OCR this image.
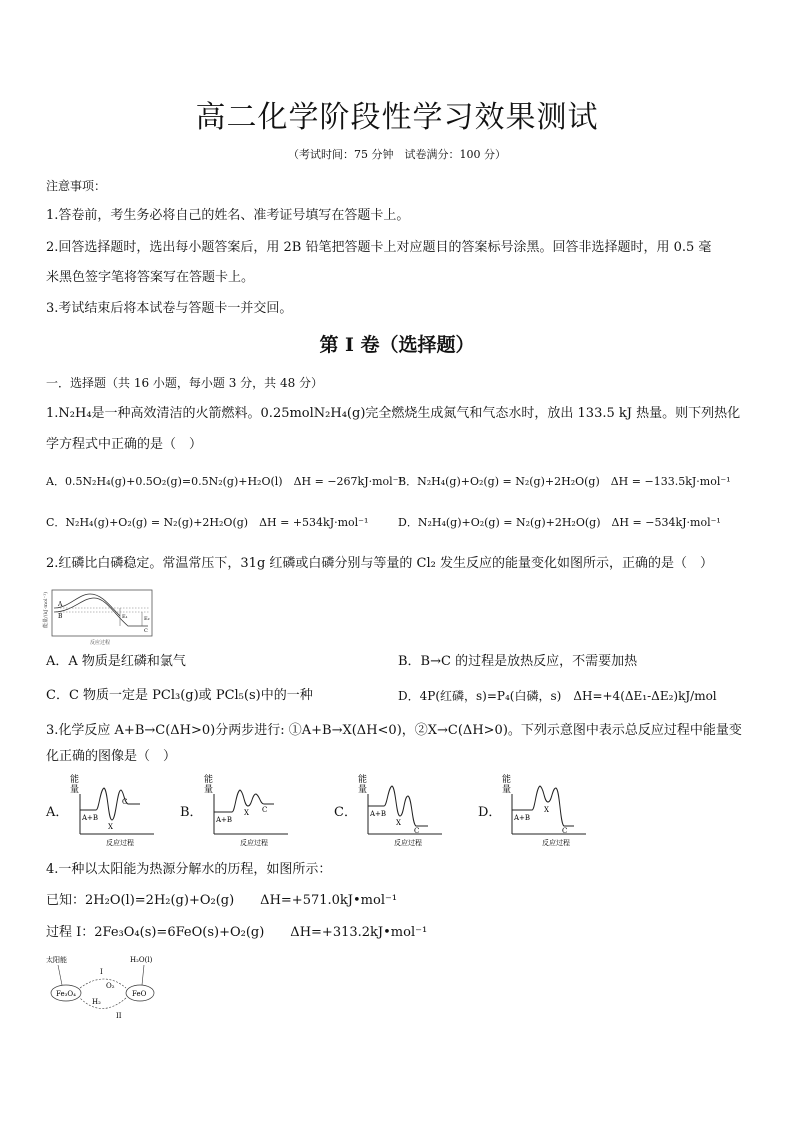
高二化学阶段性学习效果测试
（考试时间：75 分钟　试卷满分：100 分）
注意事项：
1.答卷前，考生务必将自己的姓名、准考证号填写在答题卡上。
2.回答选择题时，选出每小题答案后，用 2B 铅笔把答题卡上对应题目的答案标号涂黑。回答非选择题时，用 0.5 毫
米黑色签字笔将答案写在答题卡上。
3.考试结束后将本试卷与答题卡一并交回。
第 I 卷（选择题）
一．选择题（共 16 小题，每小题 3 分，共 48 分）
1.N₂H₄是一种高效清洁的火箭燃料。0.25molN₂H₄(g)完全燃烧生成氮气和气态水时，放出 133.5 kJ 热量。则下列热化
学方程式中正确的是（　）
A．0.5N₂H₄(g)+0.5O₂(g)=0.5N₂(g)+H₂O(l)　ΔH = −267kJ·mol⁻¹
B．N₂H₄(g)+O₂(g) = N₂(g)+2H₂O(g)　ΔH = −133.5kJ·mol⁻¹
C．N₂H₄(g)+O₂(g) = N₂(g)+2H₂O(g)　ΔH = +534kJ·mol⁻¹	D．N₂H₄(g)+O₂(g) = N₂(g)+2H₂O(g)　ΔH = −534kJ·mol⁻¹
2.红磷比白磷稳定。常温常压下，31g 红磷或白磷分别与等量的 Cl₂ 发生反应的能量变化如图所示，正确的是（　）
能量/(kJ·mol⁻¹) A
B	E₁	E₂
C
反应过程
A．A 物质是红磷和氯气	B．B→C 的过程是放热反应，不需要加热
C．C 物质一定是 PCl₃(g)或 PCl₅(s)中的一种	D．4P(红磷，s)=P₄(白磷，s)　ΔH=+4(ΔE₁-ΔE₂)kJ/mol
3.化学反应 A+B→C(ΔH>0)分两步进行: ①A+B→X(ΔH<0)，②X→C(ΔH>0)。下列示意图中表示总反应过程中能量变
化正确的图像是（　）
A．
能
量
A+B
X
C
反应过程
B．
能
量
A+B
X C
反应过程
C．
能
量
A+B
X
C
反应过程
D．
能
量
A+B
X
C
反应过程
4.一种以太阳能为热源分解水的历程，如图所示：
已知：2H₂O(l)=2H₂(g)+O₂(g)　　ΔH=+571.0kJ•mol⁻¹
过程 I：2Fe₃O₄(s)=6FeO(s)+O₂(g)　　ΔH=+313.2kJ•mol⁻¹
太阳能	H₂O(l)
Fe₃O₄	FeO
I
O₂
H₂
II
